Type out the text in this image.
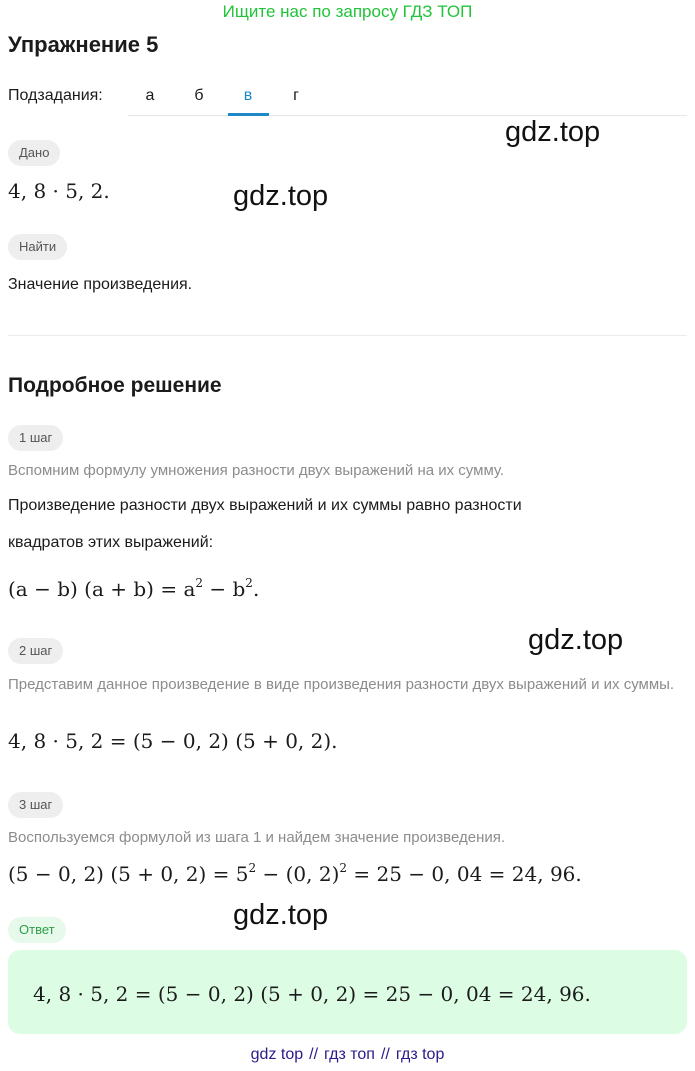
Ищите нас по запросу ГДЗ ТОП
Упражнение 5
Подзадания:	а	б	в	г
gdz.top
Дано
4, 8 · 5, 2.	gdz.top
Найти
Значение произведения.
Подробное решение
1 шаг
Вспомним формулу умножения разности двух выражений на их сумму.
Произведение разности двух выражений и их суммы равно разности
квадратов этих выражений:
(a − b) $(a + b) = a^2 - b^2$.
gdz.top
2 шаг
Представим данное произведение в виде произведения разности двух выражений и их суммы.
4, 8 · 5, 2 = (5 − 0, 2) (5 + 0, 2).
3 шаг
Воспользуемся формулой из шага 1 и найдем значение произведения.
(5 − 0, 2) (5 + 0, $2) = 5^2 - (0$, 2)$^2$ = 25 − 0, 04 = 24, 96.
gdz.top
Ответ
4, 8 · 5, 2 = (5 − 0, 2) (5 + 0, 2) = 25 − 0, 04 = 24, 96.
gdz top // гдз топ // гдз top
